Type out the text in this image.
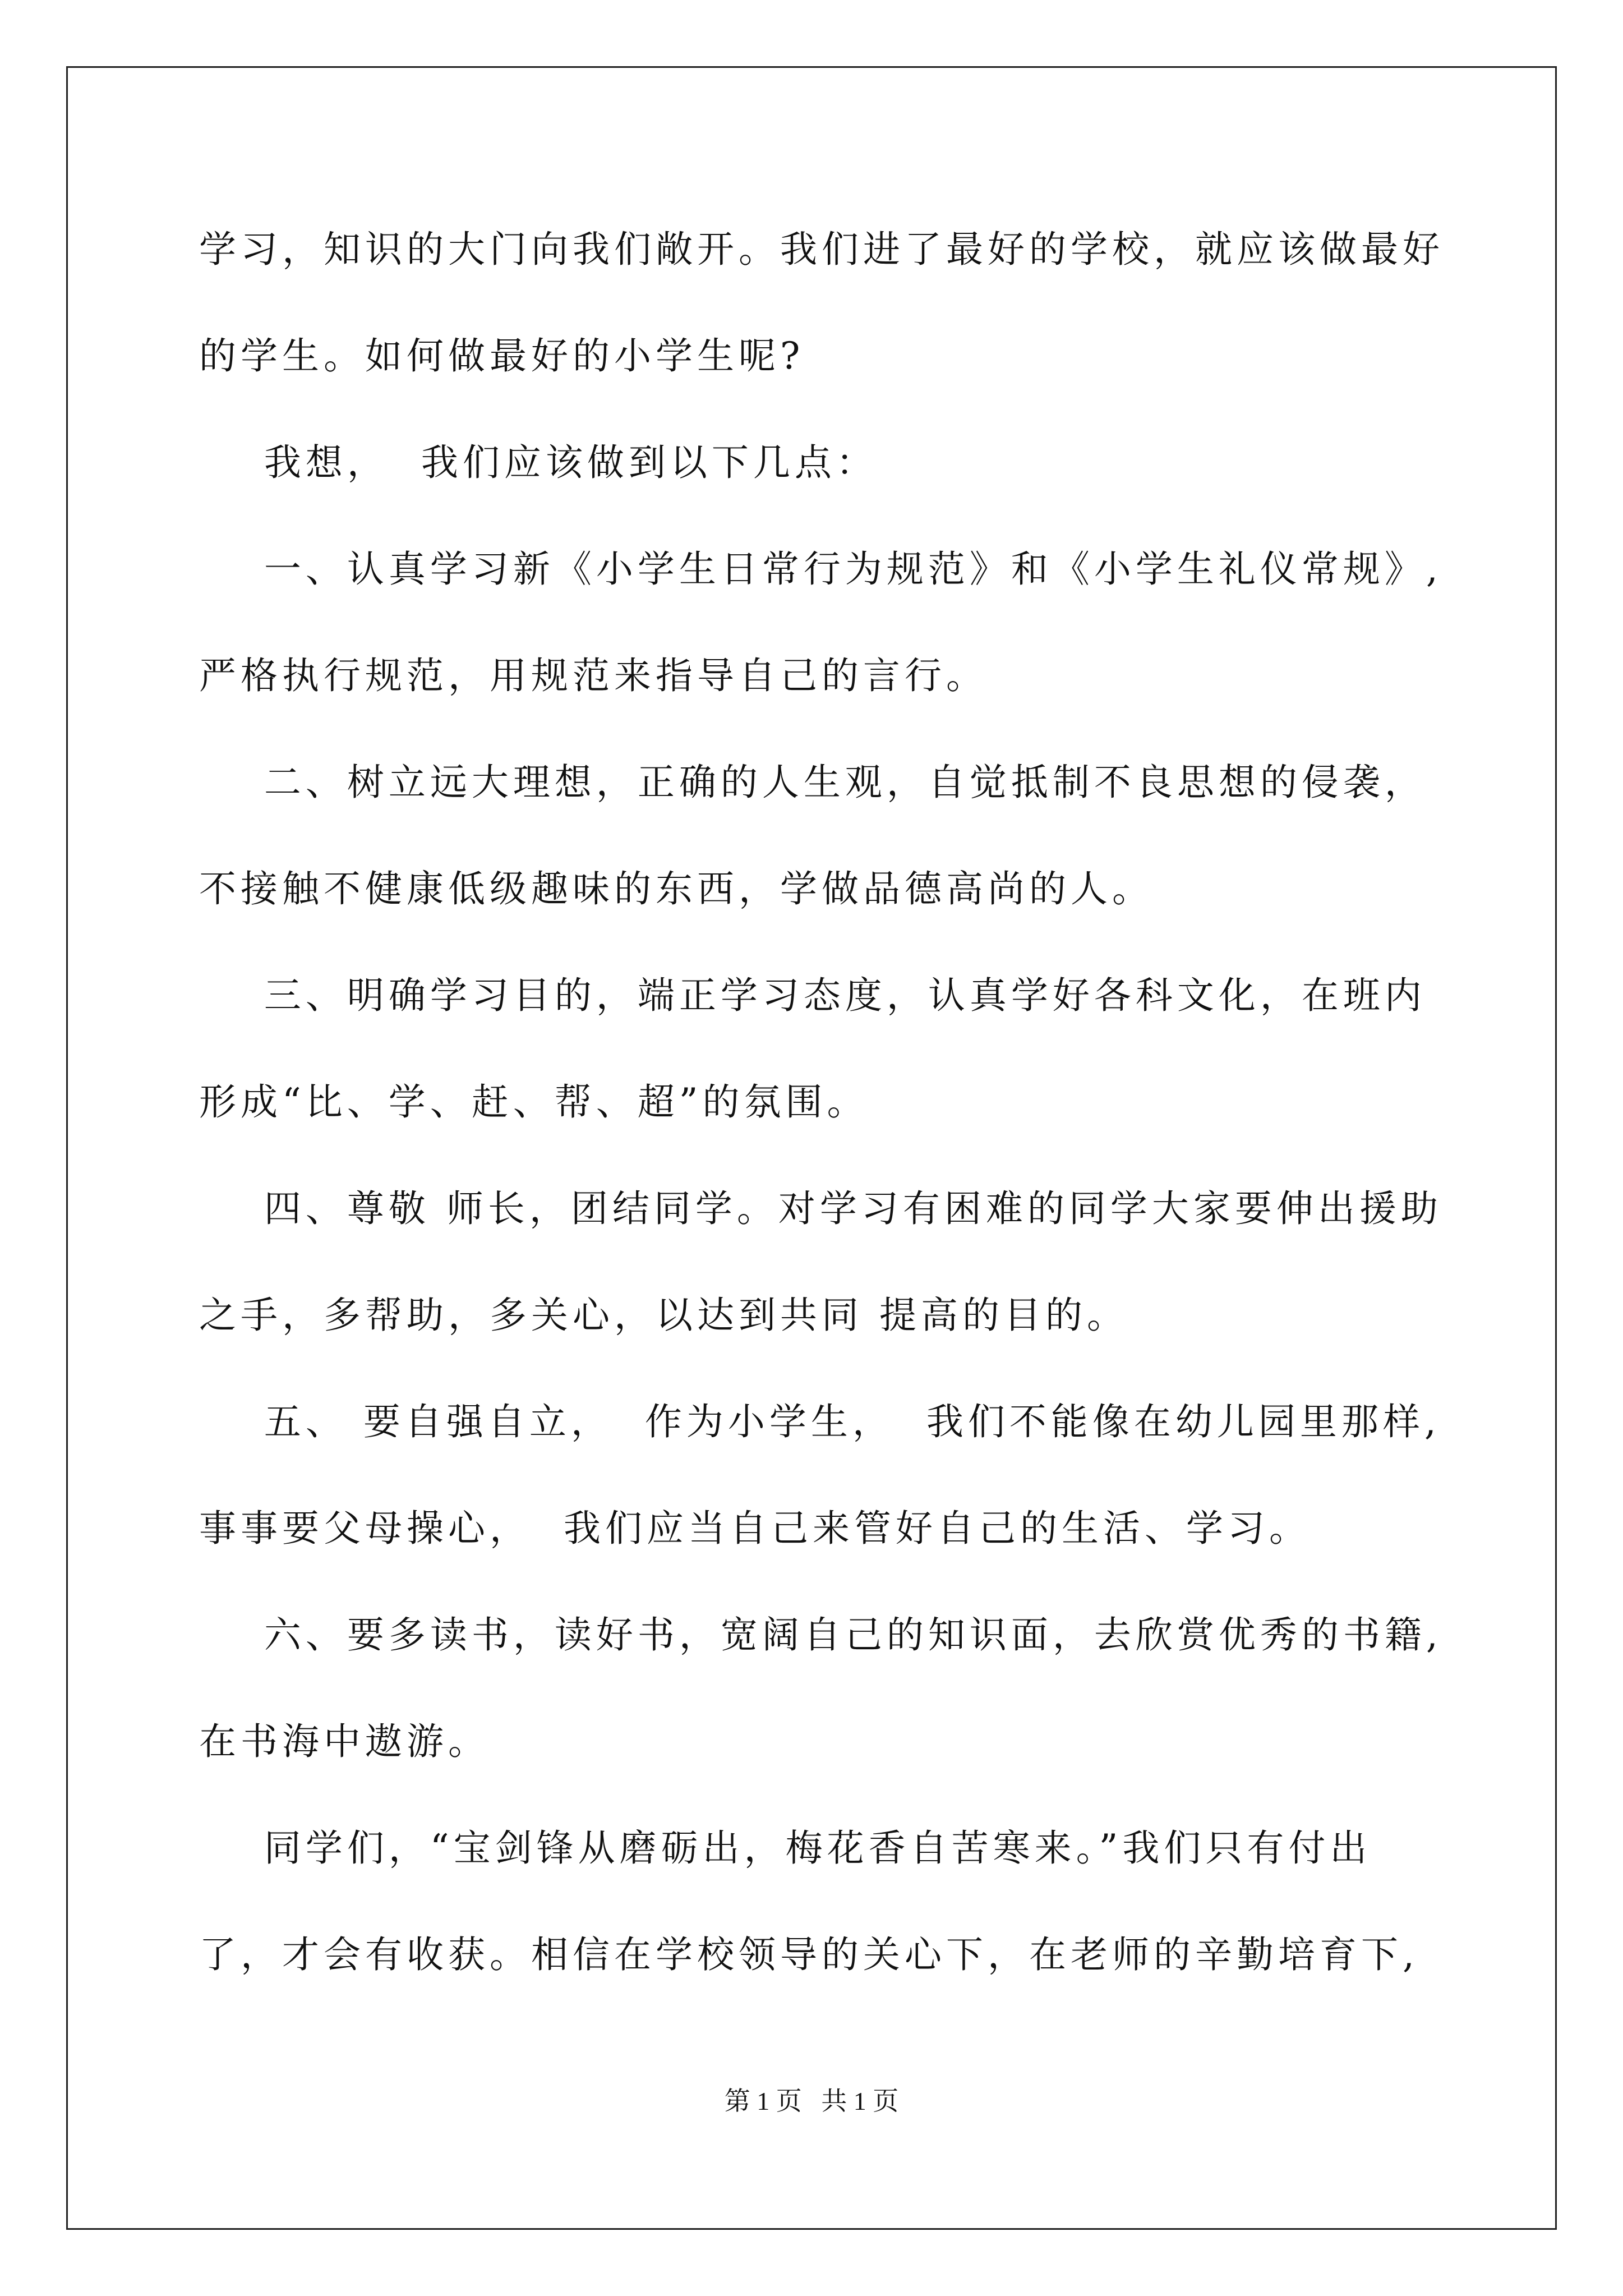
学习，知识的大门向我们敞开。我们进了最好的学校，就应该做最好

的学生。如何做最好的小学生呢?

我想，  我们应该做到以下几点：

一、认真学习新《小学生日常行为规范》和《小学生礼仪常规》,

严格执行规范，用规范来指导自己的言行。

二、树立远大理想，正确的人生观，自觉抵制不良思想的侵袭，

不接触不健康低级趣味的东西，学做品德高尚的人。

三、明确学习目的，端正学习态度，认真学好各科文化，在班内

形成“比、学、赶、帮、超”的氛围。

四、尊敬 师长，团结同学。对学习有困难的同学大家要伸出援助

之手，多帮助，多关心，以达到共同 提高的目的。

五、 要自强自立，  作为小学生，  我们不能像在幼儿园里那样,

事事要父母操心，  我们应当自己来管好自己的生活、学习。

六、要多读书，读好书，宽阔自己的知识面，去欣赏优秀的书籍,

在书海中遨游。

同学们，“宝剑锋从磨砺出，梅花香自苦寒来。”我们只有付出

了，才会有收获。相信在学校领导的关心下，在老师的辛勤培育下,

第 1 页   共 1 页
